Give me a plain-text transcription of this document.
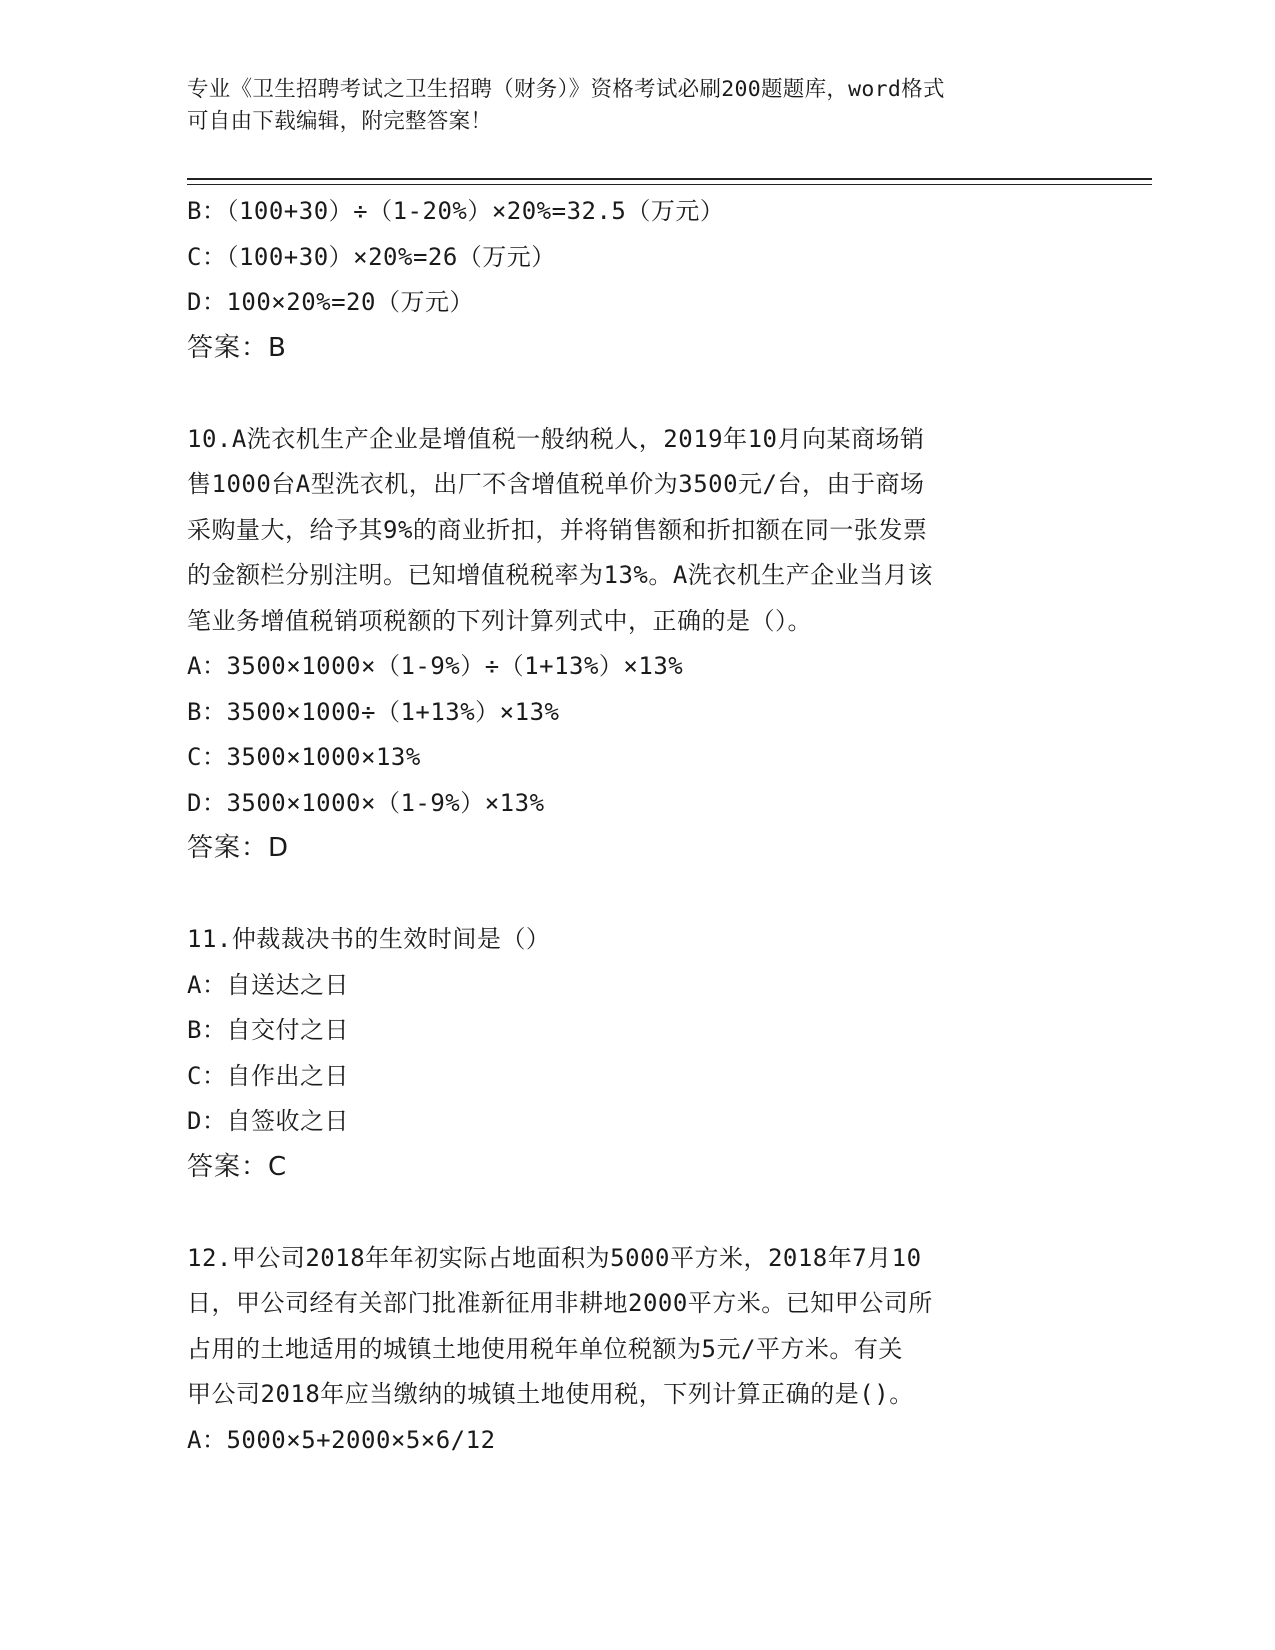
专业《卫生招聘考试之卫生招聘（财务）》资格考试必刷200题题库，word格式
可自由下载编辑，附完整答案！
B：（100+30）÷（1-20%）×20%=32.5（万元）
C：（100+30）×20%=26（万元）
D：100×20%=20（万元）
答案：B
10.A洗衣机生产企业是增值税一般纳税人，2019年10月向某商场销
售1000台A型洗衣机，出厂不含增值税单价为3500元/台，由于商场
采购量大，给予其9%的商业折扣，并将销售额和折扣额在同一张发票
的金额栏分别注明。已知增值税税率为13%。A洗衣机生产企业当月该
笔业务增值税销项税额的下列计算列式中，正确的是（）。
A：3500×1000×（1-9%）÷（1+13%）×13%
B：3500×1000÷（1+13%）×13%
C：3500×1000×13%
D：3500×1000×（1-9%）×13%
答案：D
11.仲裁裁决书的生效时间是（）
A：自送达之日
B：自交付之日
C：自作出之日
D：自签收之日
答案：C
12.甲公司2018年年初实际占地面积为5000平方米，2018年7月10
日，甲公司经有关部门批准新征用非耕地2000平方米。已知甲公司所
占用的土地适用的城镇土地使用税年单位税额为5元/平方米。有关
甲公司2018年应当缴纳的城镇土地使用税，下列计算正确的是()。
A：5000×5+2000×5×6/12
